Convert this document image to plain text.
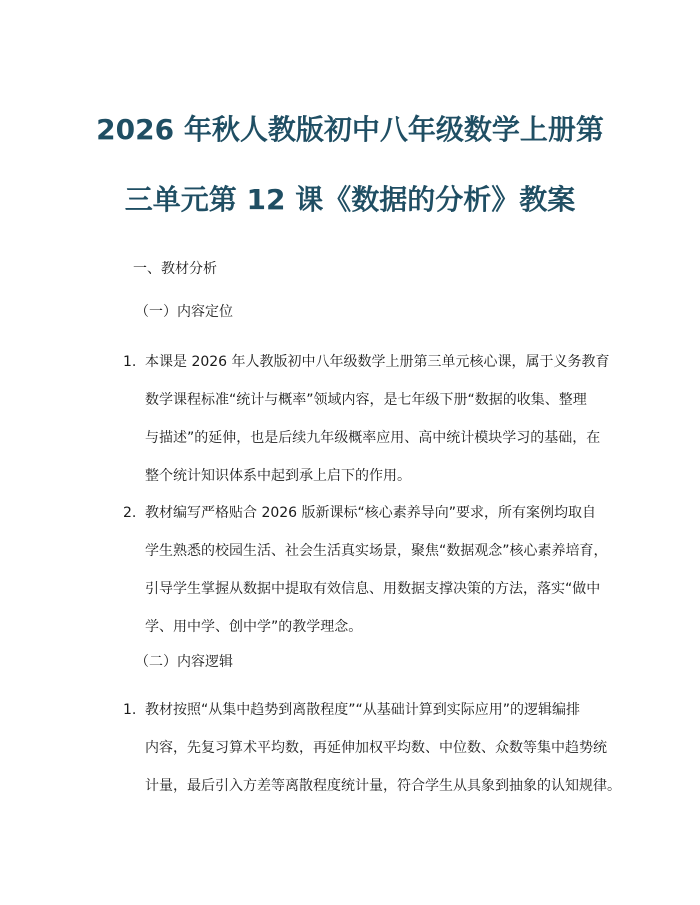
2026 年秋人教版初中八年级数学上册第
三单元第 12 课《数据的分析》教案
一、教材分析
（一）内容定位
1. 本课是 2026 年人教版初中八年级数学上册第三单元核心课，属于义务教育
数学课程标准“统计与概率”领域内容，是七年级下册“数据的收集、整理
与描述”的延伸，也是后续九年级概率应用、高中统计模块学习的基础，在
整个统计知识体系中起到承上启下的作用。
2. 教材编写严格贴合 2026 版新课标“核心素养导向”要求，所有案例均取自
学生熟悉的校园生活、社会生活真实场景，聚焦“数据观念”核心素养培育，
引导学生掌握从数据中提取有效信息、用数据支撑决策的方法，落实“做中
学、用中学、创中学”的教学理念。
（二）内容逻辑
1. 教材按照“从集中趋势到离散程度”“从基础计算到实际应用”的逻辑编排
内容，先复习算术平均数，再延伸加权平均数、中位数、众数等集中趋势统
计量，最后引入方差等离散程度统计量，符合学生从具象到抽象的认知规律。
